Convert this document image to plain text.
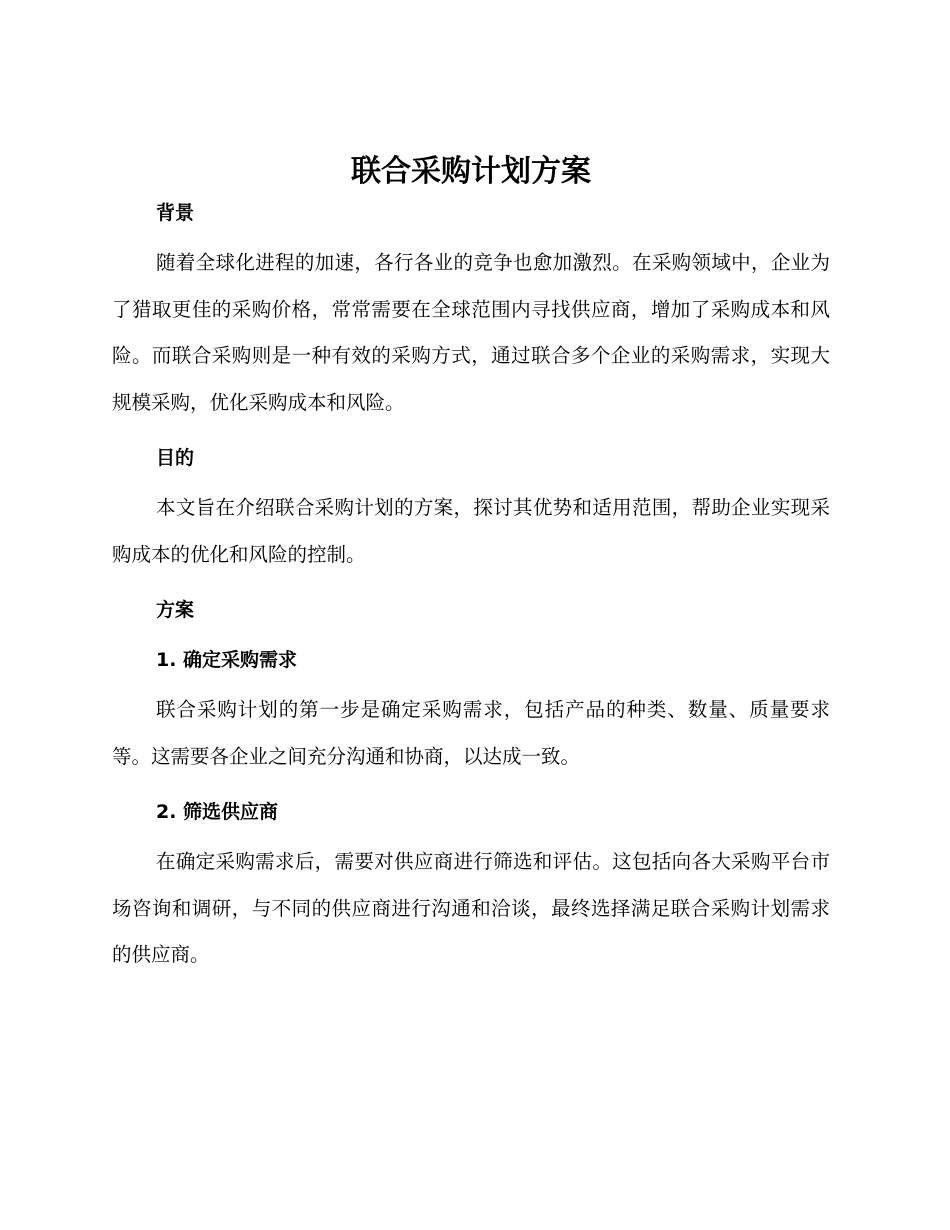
联合采购计划方案
背景

随着全球化进程的加速，各行各业的竞争也愈加激烈。在采购领域中，企业为了猎取更佳的采购价格，常常需要在全球范围内寻找供应商，增加了采购成本和风险。而联合采购则是一种有效的采购方式，通过联合多个企业的采购需求，实现大规模采购，优化采购成本和风险。

目的

本文旨在介绍联合采购计划的方案，探讨其优势和适用范围，帮助企业实现采购成本的优化和风险的控制。

方案
1. 确定采购需求

联合采购计划的第一步是确定采购需求，包括产品的种类、数量、质量要求等。这需要各企业之间充分沟通和协商，以达成一致。

2. 筛选供应商

在确定采购需求后，需要对供应商进行筛选和评估。这包括向各大采购平台市场咨询和调研，与不同的供应商进行沟通和洽谈，最终选择满足联合采购计划需求的供应商。
